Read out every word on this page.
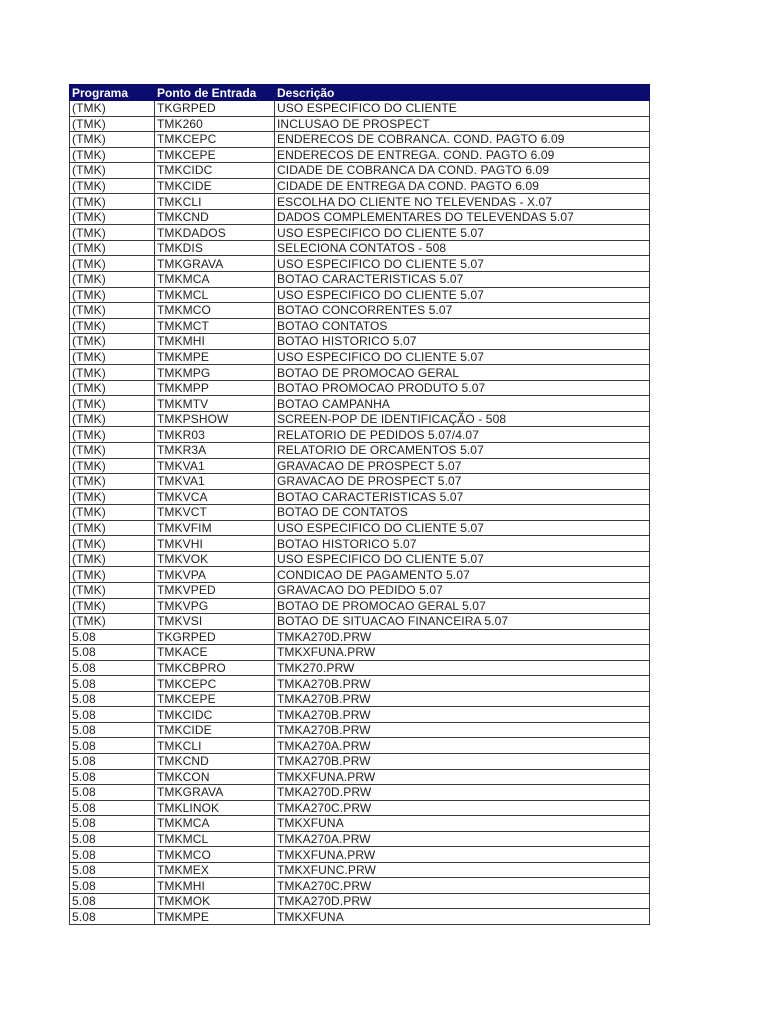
Programa	Ponto de Entrada	Descrição
(TMK)	TKGRPED	USO ESPECIFICO DO CLIENTE
(TMK)	TMK260	INCLUSAO DE PROSPECT
(TMK)	TMKCEPC	ENDERECOS DE COBRANCA. COND. PAGTO 6.09
(TMK)	TMKCEPE	ENDERECOS DE ENTREGA. COND. PAGTO 6.09
(TMK)	TMKCIDC	CIDADE DE COBRANCA DA COND. PAGTO 6.09
(TMK)	TMKCIDE	CIDADE DE ENTREGA DA COND. PAGTO 6.09
(TMK)	TMKCLI	ESCOLHA DO CLIENTE NO TELEVENDAS - X.07
(TMK)	TMKCND	DADOS COMPLEMENTARES DO TELEVENDAS 5.07
(TMK)	TMKDADOS	USO ESPECIFICO DO CLIENTE 5.07
(TMK)	TMKDIS	SELECIONA CONTATOS - 508
(TMK)	TMKGRAVA	USO ESPECIFICO DO CLIENTE 5.07
(TMK)	TMKMCA	BOTAO CARACTERISTICAS 5.07
(TMK)	TMKMCL	USO ESPECIFICO DO CLIENTE 5.07
(TMK)	TMKMCO	BOTAO CONCORRENTES 5.07
(TMK)	TMKMCT	BOTAO CONTATOS
(TMK)	TMKMHI	BOTAO HISTORICO 5.07
(TMK)	TMKMPE	USO ESPECIFICO DO CLIENTE 5.07
(TMK)	TMKMPG	BOTAO DE PROMOCAO GERAL
(TMK)	TMKMPP	BOTAO PROMOCAO PRODUTO 5.07
(TMK)	TMKMTV	BOTAO CAMPANHA
(TMK)	TMKPSHOW	SCREEN-POP DE IDENTIFICAÇÃO - 508
(TMK)	TMKR03	RELATORIO DE PEDIDOS 5.07/4.07
(TMK)	TMKR3A	RELATORIO DE ORCAMENTOS 5.07
(TMK)	TMKVA1	GRAVACAO DE PROSPECT 5.07
(TMK)	TMKVA1	GRAVACAO DE PROSPECT 5.07
(TMK)	TMKVCA	BOTAO CARACTERISTICAS 5.07
(TMK)	TMKVCT	BOTAO DE CONTATOS
(TMK)	TMKVFIM	USO ESPECIFICO DO CLIENTE 5.07
(TMK)	TMKVHI	BOTAO HISTORICO 5.07
(TMK)	TMKVOK	USO ESPECIFICO DO CLIENTE 5.07
(TMK)	TMKVPA	CONDICAO DE PAGAMENTO 5.07
(TMK)	TMKVPED	GRAVACAO DO PEDIDO 5.07
(TMK)	TMKVPG	BOTAO DE PROMOCAO GERAL 5.07
(TMK)	TMKVSI	BOTAO DE SITUACAO FINANCEIRA 5.07
5.08	TKGRPED	TMKA270D.PRW
5.08	TMKACE	TMKXFUNA.PRW
5.08	TMKCBPRO	TMK270.PRW
5.08	TMKCEPC	TMKA270B.PRW
5.08	TMKCEPE	TMKA270B.PRW
5.08	TMKCIDC	TMKA270B.PRW
5.08	TMKCIDE	TMKA270B.PRW
5.08	TMKCLI	TMKA270A.PRW
5.08	TMKCND	TMKA270B.PRW
5.08	TMKCON	TMKXFUNA.PRW
5.08	TMKGRAVA	TMKA270D.PRW
5.08	TMKLINOK	TMKA270C.PRW
5.08	TMKMCA	TMKXFUNA
5.08	TMKMCL	TMKA270A.PRW
5.08	TMKMCO	TMKXFUNA.PRW
5.08	TMKMEX	TMKXFUNC.PRW
5.08	TMKMHI	TMKA270C.PRW
5.08	TMKMOK	TMKA270D.PRW
5.08	TMKMPE	TMKXFUNA
